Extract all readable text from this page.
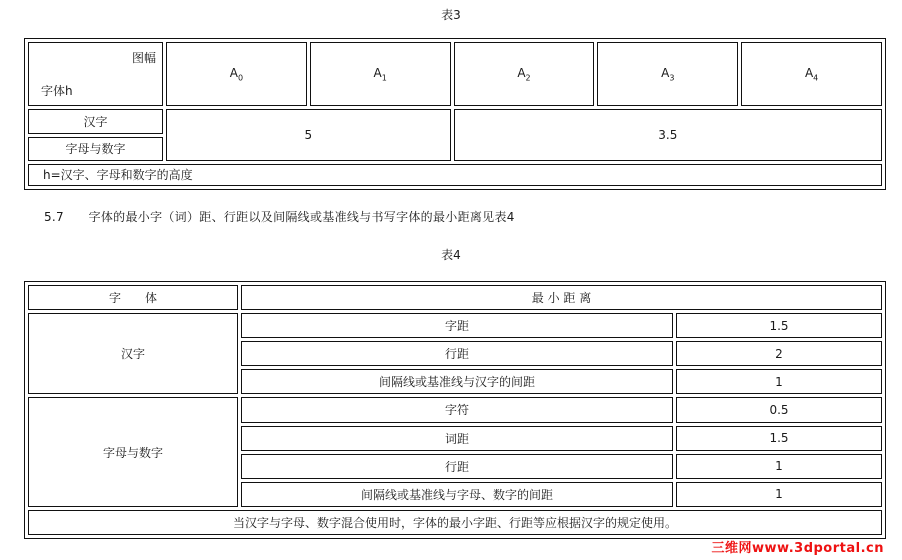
表3
图幅
字体h	$A_0$	$A_1$	$A_2$	$A_3$	$A_4$
汉字	5		3.5		
字母与数字					
h=汉字、字母和数字的高度					
5.7　　字体的最小字（词）距、行距以及间隔线或基准线与书写字体的最小距离见表4
表4
字　　体	最 小 距 离	
汉字	字距	1.5
	行距	2
	间隔线或基准线与汉字的间距	1
字母与数字	字符	0.5
	词距	1.5
	行距	1
	间隔线或基准线与字母、数字的间距	1
当汉字与字母、数字混合使用时，字体的最小字距、行距等应根据汉字的规定使用。		
三维网www.3dportal.cn
